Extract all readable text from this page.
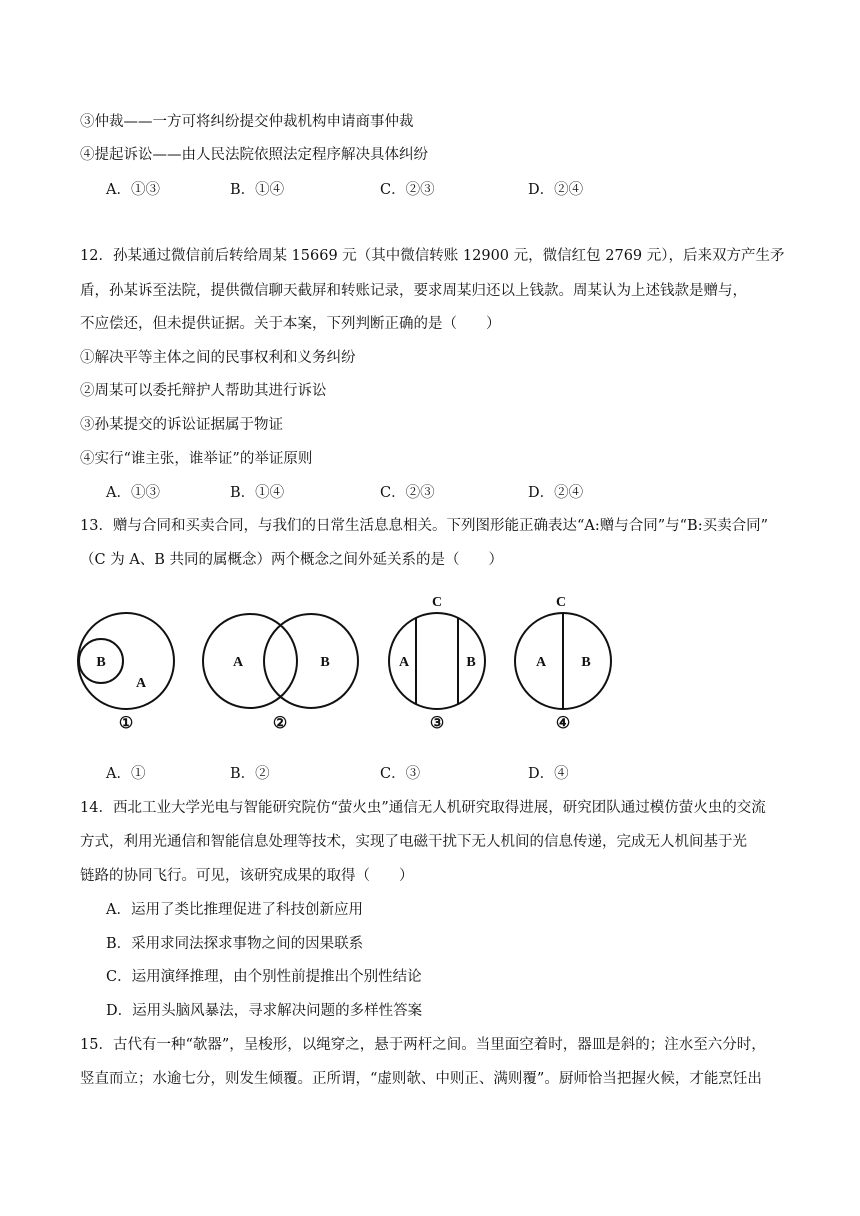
③仲裁——一方可将纠纷提交仲裁机构申请商事仲裁
④提起诉讼——由人民法院依照法定程序解决具体纠纷
A．①③	B．①④	C．②③	D．②④
12．孙某通过微信前后转给周某 15669 元（其中微信转账 12900 元，微信红包 2769 元），后来双方产生矛
盾，孙某诉至法院，提供微信聊天截屏和转账记录，要求周某归还以上钱款。周某认为上述钱款是赠与，
不应偿还，但未提供证据。关于本案，下列判断正确的是（　　）
①解决平等主体之间的民事权利和义务纠纷
②周某可以委托辩护人帮助其进行诉讼
③孙某提交的诉讼证据属于物证
④实行“谁主张，谁举证”的举证原则
A．①③	B．①④	C．②③	D．②④
13．赠与合同和买卖合同，与我们的日常生活息息相关。下列图形能正确表达“A:赠与合同”与“B:买卖合同”
（C 为 A、B 共同的属概念）两个概念之间外延关系的是（　　）
B
A
①
A	B
②
C
A	B
③
C
A	B
④
A．①	B．②	C．③	D．④
14．西北工业大学光电与智能研究院仿“萤火虫”通信无人机研究取得进展，研究团队通过模仿萤火虫的交流
方式，利用光通信和智能信息处理等技术，实现了电磁干扰下无人机间的信息传递，完成无人机间基于光
链路的协同飞行。可见，该研究成果的取得（　　）
A．运用了类比推理促进了科技创新应用
B．采用求同法探求事物之间的因果联系
C．运用演绎推理，由个别性前提推出个别性结论
D．运用头脑风暴法，寻求解决问题的多样性答案
15．古代有一种“欹器”，呈梭形，以绳穿之，悬于两杆之间。当里面空着时，器皿是斜的；注水至六分时，
竖直而立；水逾七分，则发生倾覆。正所谓，“虚则欹、中则正、满则覆”。厨师恰当把握火候，才能烹饪出
